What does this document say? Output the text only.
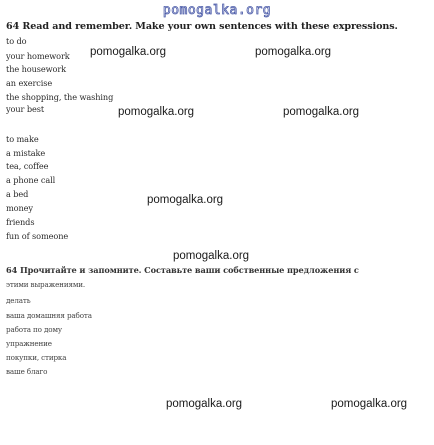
pomogalka.org
64 Read and remember. Make your own sentences with these expressions.
to do
your homework
the housework
an exercise
the shopping, the washing
your best
to make
a mistake
tea, coffee
a phone call
a bed
money
friends
fun of someone
pomogalka.org	pomogalka.org
pomogalka.org	pomogalka.org
pomogalka.org
pomogalka.org
pomogalka.org	pomogalka.org
64 Прочитайте и запомните. Составьте ваши собственные предложения с
этими выражениями.
делать
ваша домашняя работа
работа по дому
упражнение
покупки, стирка
ваше благо
